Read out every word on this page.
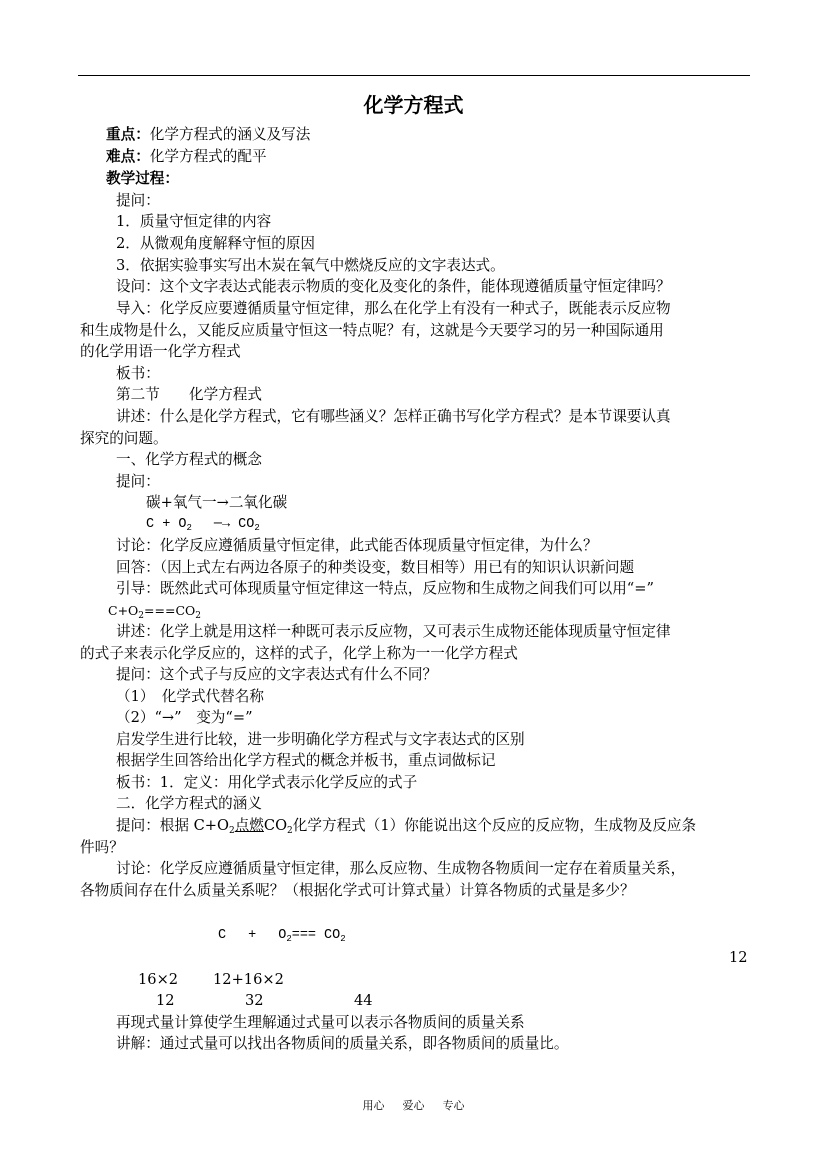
化学方程式
重点：化学方程式的涵义及写法
难点：化学方程式的配平
教学过程：
提问：
1．质量守恒定律的内容
2．从微观角度解释守恒的原因
3．依据实验事实写出木炭在氧气中燃烧反应的文字表达式。
设问：这个文字表达式能表示物质的变化及变化的条件，能体现遵循质量守恒定律吗？
导入：化学反应要遵循质量守恒定律，那么在化学上有没有一种式子，既能表示反应物
和生成物是什么，又能反应质量守恒这一特点呢？有，这就是今天要学习的另一种国际通用
的化学用语一化学方程式
板书：
第二节　　化学方程式
讲述：什么是化学方程式，它有哪些涵义？怎样正确书写化学方程式？是本节课要认真
探究的问题。
一、化学方程式的概念
提问：
碳+氧气一→二氧化碳
$C + O_2$ ─→ $CO_2$
讨论：化学反应遵循质量守恒定律，此式能否体现质量守恒定律，为什么？
回答：（因上式左右两边各原子的种类设变，数目相等）用已有的知识认识新问题
引导：既然此式可体现质量守恒定律这一特点，反应物和生成物之间我们可以用“=”
$C+O_2===CO_2$
讲述：化学上就是用这样一种既可表示反应物，又可表示生成物还能体现质量守恒定律
的式子来表示化学反应的，这样的式子，化学上称为一一化学方程式
提问：这个式子与反应的文字表达式有什么不同？
（1）　化学式代替名称
（2）“→”　变为“=”
启发学生进行比较，进一步明确化学方程式与文字表达式的区别
根据学生回答给出化学方程式的概念并板书，重点词做标记
板书：1．定义：用化学式表示化学反应的式子
二．化学方程式的涵义
提问：根据 $C+O_2$点燃$CO_2$化学方程式（1）你能说出这个反应的反应物，生成物及反应条
件吗？
讨论：化学反应遵循质量守恒定律，那么反应物、生成物各物质间一定存在着质量关系，
各物质间存在什么质量关系呢？（根据化学式可计算式量）计算各物质的式量是多少？
$C + O_2=== CO_2$
12
16×2 12+16×2
12	32	44
再现式量计算使学生理解通过式量可以表示各物质间的质量关系
讲解：通过式量可以找出各物质间的质量关系，即各物质间的质量比。
用心 爱心 专心
